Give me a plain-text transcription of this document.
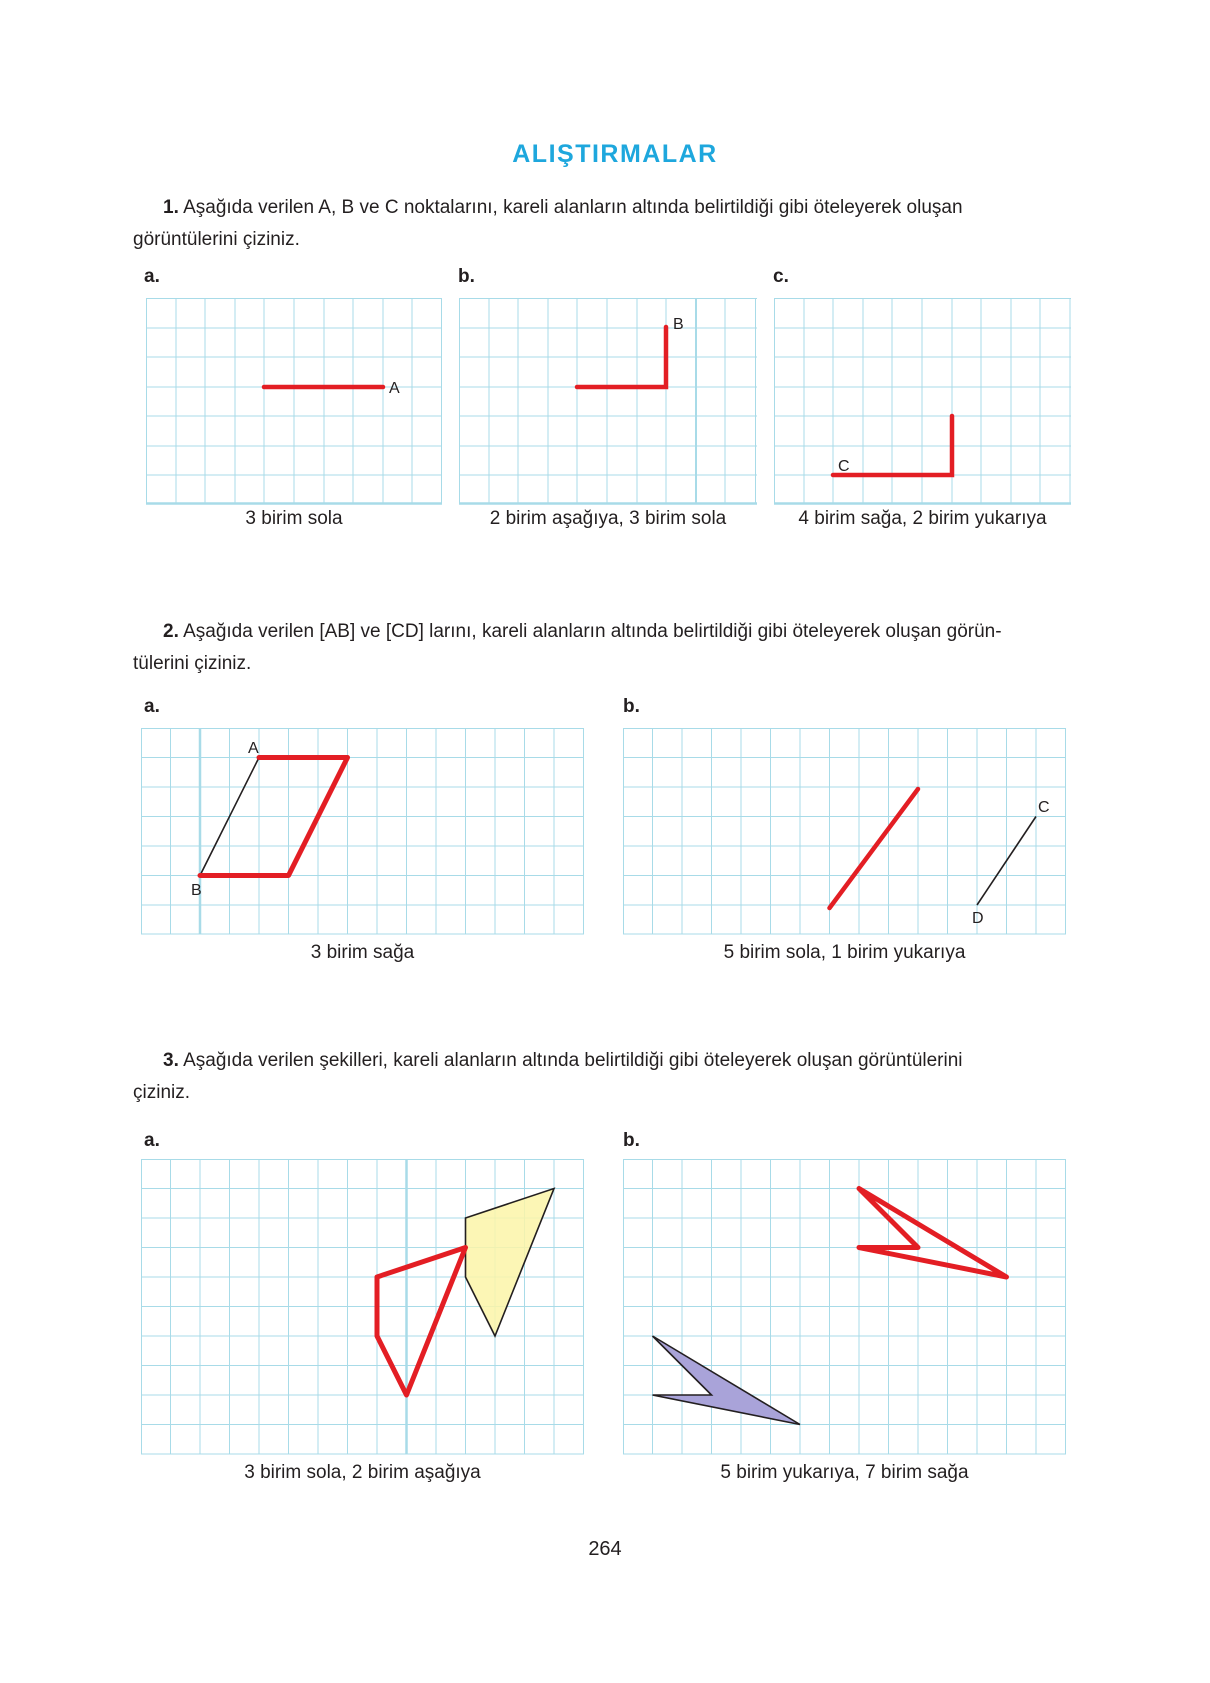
ALIŞTIRMALAR
1. Aşağıda verilen A, B ve C noktalarını, kareli alanların altında belirtildiği gibi öteleyerek oluşan
görüntülerini çiziniz.
a.	b.	c.
A
3 birim sola
B
2 birim aşağıya, 3 birim sola
C
4 birim sağa, 2 birim yukarıya
2. Aşağıda verilen [AB] ve [CD] larını, kareli alanların altında belirtildiği gibi öteleyerek oluşan görün-
tülerini çiziniz.
a.	b.
A
B
3 birim sağa
C
D
5 birim sola, 1 birim yukarıya
3. Aşağıda verilen şekilleri, kareli alanların altında belirtildiği gibi öteleyerek oluşan görüntülerini
çiziniz.
a.	b.
3 birim sola, 2 birim aşağıya	5 birim yukarıya, 7 birim sağa
264
